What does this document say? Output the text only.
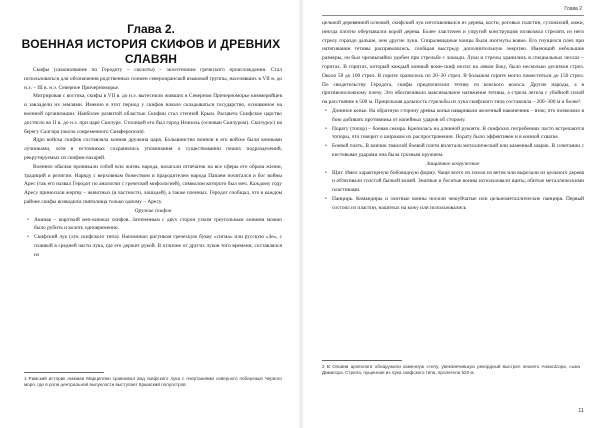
Глава 2.
ВОЕННАЯ ИСТОРИЯ СКИФОВ И ДРЕВНИХ СЛАВЯН

Скифы (самоназвание по Геродоту – сколоты) – экзоэтноним греческого происхождения. Стал использоваться для обозначения родственных племен североиранской языковой группы, населявших в VII в. до н.э. – III в. н.э. Северное Причерноморье.

Мигрировав с востока, скифы в VII в. до н.э. вытеснили живших в Северном Причерноморье киммерийцев и завладели их землями. Именно в этот период у скифов начало складываться государство, основанное на военной организации. Наиболее развитой областью Скифии стал степной Крым. Расцвета Скифское царство достигло во II в. до н.э. при царе Скилуре. Столицей его был город Неаполь (основан Скилуром). Скилурос) на берегу Салгира (около современного Симферополя).

Ядро войска скифов составляла конная дружина царя. Большинство воинов в его войске были конными лучниками, хотя в источниках сохранились упоминания о существовании пеших подразделений, рекрутируемых из скифов-пахарей.

Военное обычаи проникали собой всю жизнь народа, налагали отпечаток на все сферы его образа жизни, традиций и религии. Наряду с верховным божеством и прародителем народа Папаем почитался и бог войны Арес (так его назвал Геродот по аналогии с греческой мифологией), символом которого был меч. Каждому году Аресу приносили жертву – животных (в частности, лошадей), а также пленных. Геродот сообщал, что в каждом районе скифы возводили святилища только одному – Аресу.

Оружие скифов

• Акинак – короткий меч-кинжал скифов. Заточенным с двух сторон узким треугольным лезвием можно было рубить и колоть одновременно.

• Скифский лук (лук скифского типа). Напоминал рисунком греческую букву «сигма» или русскую «Зе», с планкой в средней части лука, где его держит рукой. В отличие от других луков того времени, составлялся из

1 Римский историк Аммиан Марцеллин сравнивал вид скифского лука с очертаниями северного побережья Черного моря, где в роли центральной выпуклости выступает Крымский полуостров.
Глава 2

цельной деревянной основой, скифский лук изготавливался из дерева, кости, роговых пластин, сухожилий, кожи, иногда плотно обертывался корой дерева. Более эластичен и упругий конструкция позволяла стрелять из него стрелу гораздо дальше, чем другие луки. Спиралевидные концы были изогнуты вовне. Его гнущихся плеч при натягивании тетивы распрямлялись, сообщая выстреду дополнительную энергию. Имеющий небольшие размеры, он был чрезвычайно удобен при стрельбе с лошади. Луки и стрелы хранились в специальных чехлах – горитах. В горитах, который каждый конный воин-скиф носил на левом боку, было несколько десятков стрел. Около 50 до 100 стрел. В горите хранилось по 20–30 стрел. В большом горите могло поместиться до 150 стрел. По свидетельству Геродота, скифы предпочитали тетиву из конского волоса. Другие народы, а в противоположному плечу. Это обеспечивало максимальное натяжение тетивы, а стрела летела с убойной силой на расстояние в 500 м. Прицельная дальность стрельбы из лука скифского типа составляла – 200–300 м и более².

• Длинное копье. На обратную сторону древка копья наваривали железный наконечник – вток; что позволяло в бою добивать противника от копейных ударов об сторону.

• Порату (топор) – боевая секира. Крепилась на длинной рукояти. В скифских погребениях часто встречаются топоры, что говорит о широком их распространении. Порату было эффективен и в конной схватке.

• Боевой плеть. В кончик тяжелой боевой плети вплетали металлический или каменный шарик. В сочетании с кистевыми ударами она была грозным оружием.

Защитное вооружение

• Щит. Имел характерную бобовидную форму. Чаще всего их плели из веток или вырезали из цельного дерева и обтягивали толстой бычьей кожей. Знатные и богатые воины использовали щиты, обитые металлическими пластинами.

• Панцирь. Командиры и элитные воины носили чешуйчатые или цельнометаллические панциря. Первый состоял из пластин, нашитых на кожу или использовались

2 В Ольвии археологи обнаружили каменную стелу, увековечившую рекордный выстрел некоего Анаксагора, сына Димагора. Стрела, пущенная из лука скифского типа, пролетела 520 м.
11
